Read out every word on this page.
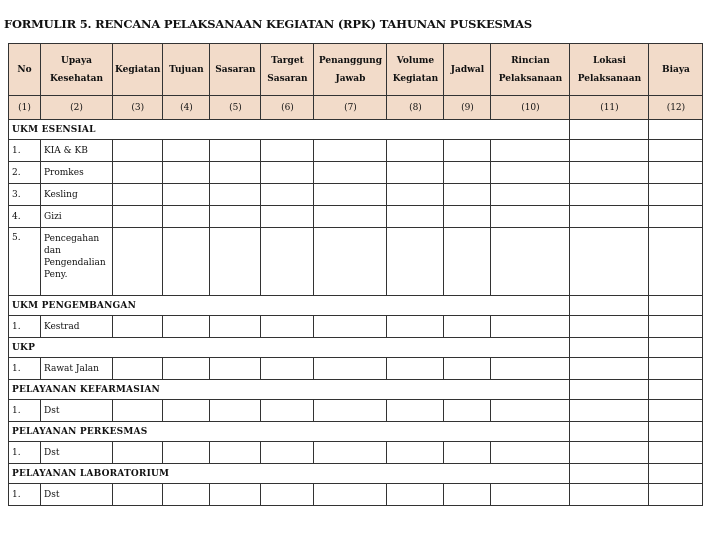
FORMULIR 5. RENCANA PELAKSANAAN KEGIATAN (RPK) TAHUNAN PUSKESMAS
No	Upaya Kesehatan	Kegiatan	Tujuan	Sasaran	Target Sasaran	Penanggung Jawab	Volume Kegiatan	Jadwal	Rincian Pelaksanaan	Lokasi Pelaksanaan	Biaya
(1)	(2)	(3)	(4)	(5)	(6)	(7)	(8)	(9)	(10)	(11)	(12)
UKM ESENSIAL											
1.	KIA & KB										
2.	Promkes										
3.	Kesling										
4.	Gizi										
5.	Pencegahan dan Pengendalian Peny.										
UKM PENGEMBANGAN											
1.	Kestrad										
UKP											
1.	Rawat Jalan										
PELAYANAN KEFARMASIAN											
1.	Dst										
PELAYANAN PERKESMAS											
1.	Dst										
PELAYANAN LABORATORIUM											
1.	Dst										
